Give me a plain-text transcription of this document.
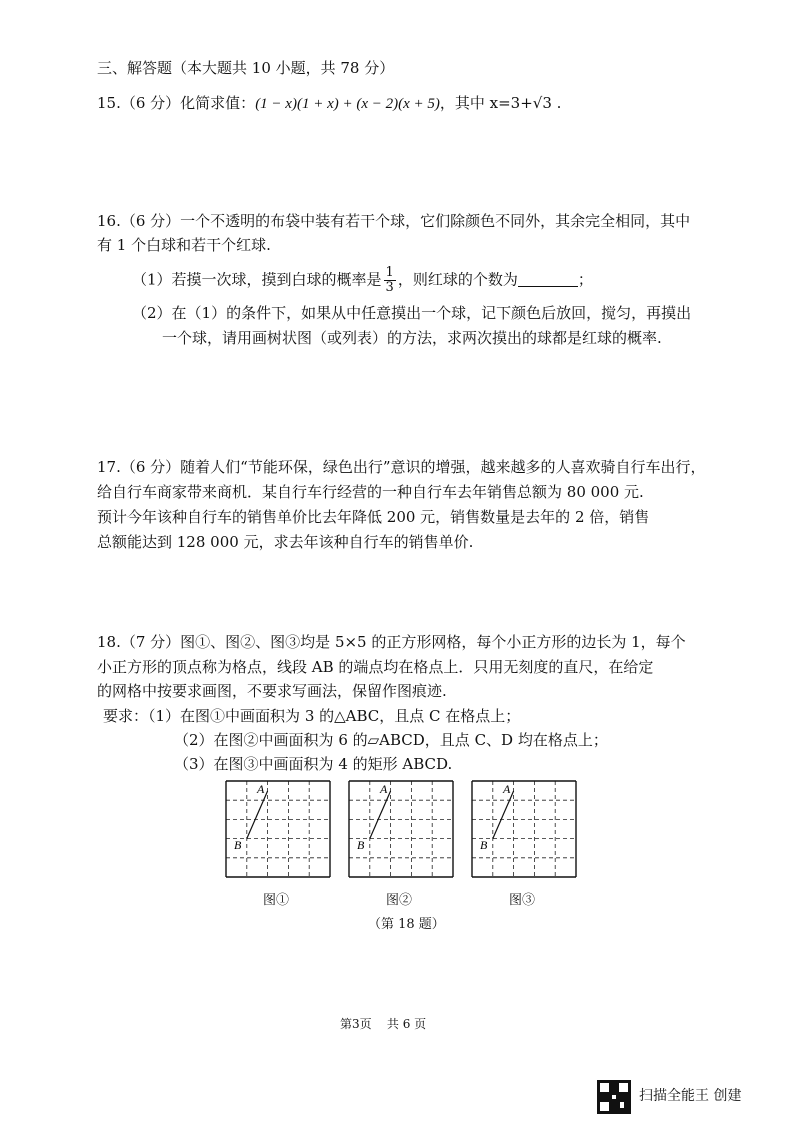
三、解答题（本大题共 10 小题，共 78 分）
15.（6 分）化简求值：(1 − x)(1 + x) + (x − 2)(x + 5)，其中 x=3+√3 .
16.（6 分）一个不透明的布袋中装有若干个球，它们除颜色不同外，其余完全相同，其中
有 1 个白球和若干个红球.
（1）若摸一次球，摸到白球的概率是 $\frac{1}{3}$ ，则红球的个数为	；
（2）在（1）的条件下，如果从中任意摸出一个球，记下颜色后放回，搅匀，再摸出
一个球，请用画树状图（或列表）的方法，求两次摸出的球都是红球的概率.
17.（6 分）随着人们“节能环保，绿色出行”意识的增强，越来越多的人喜欢骑自行车出行，
给自行车商家带来商机．某自行车行经营的一种自行车去年销售总额为 80 000 元.
预计今年该种自行车的销售单价比去年降低 200 元，销售数量是去年的 2 倍，销售
总额能达到 128 000 元，求去年该种自行车的销售单价.
18.（7 分）图①、图②、图③均是 5×5 的正方形网格，每个小正方形的边长为 1，每个
小正方形的顶点称为格点，线段 AB 的端点均在格点上．只用无刻度的直尺，在给定
的网格中按要求画图，不要求写画法，保留作图痕迹.
要求：（1）在图①中画面积为 3 的△ABC，且点 C 在格点上；
（2）在图②中画面积为 6 的▱ABCD，且点 C、D 均在格点上；
（3）在图③中画面积为 4 的矩形 ABCD.
A
B
A
B
A
B
图①	图②	图③
（第 18 题）
第3页 共 6 页
扫描全能王 创建
